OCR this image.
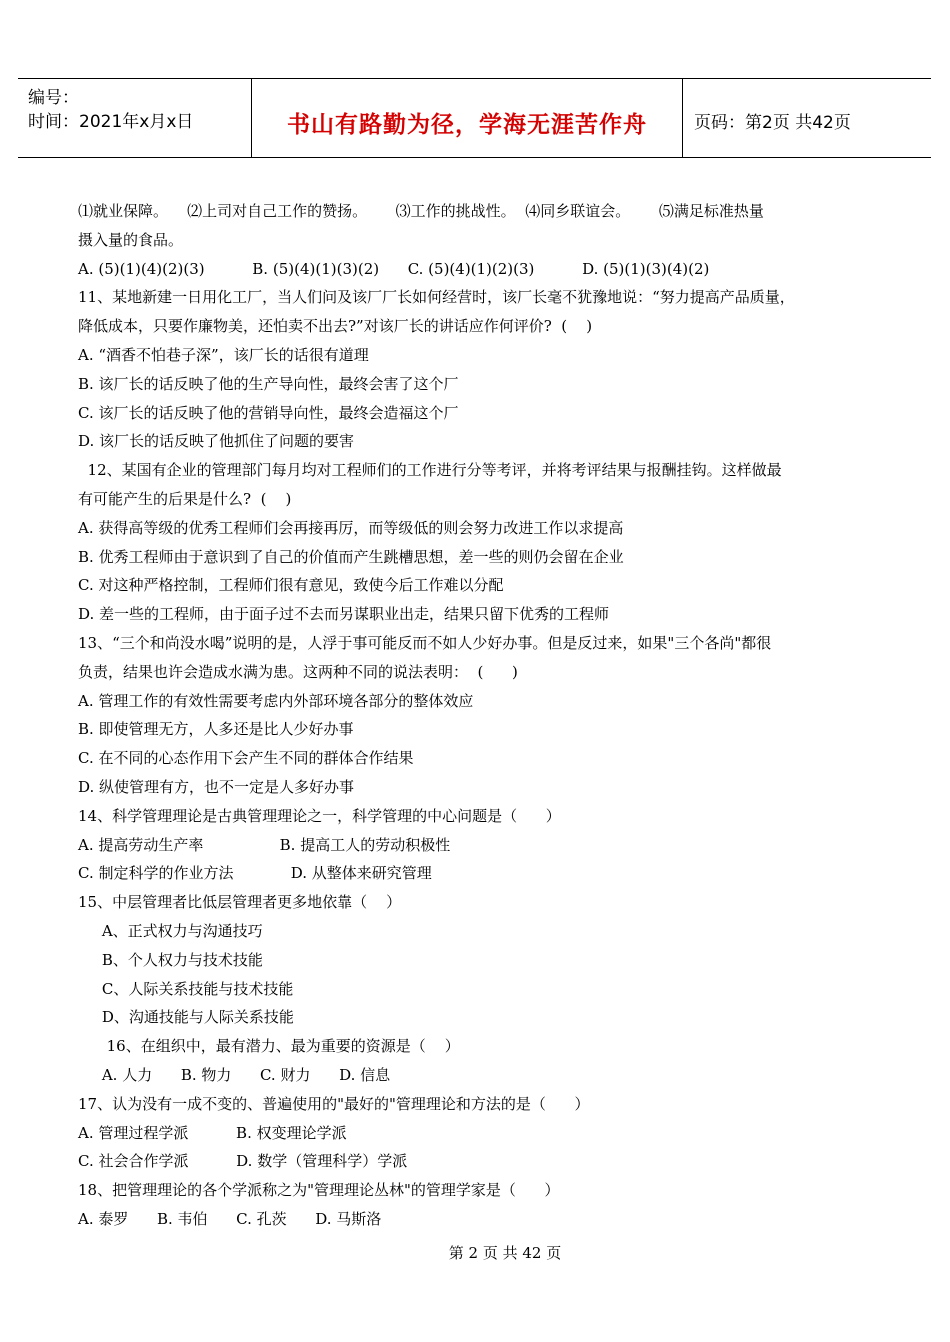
编号：
时间：2021年x月x日	书山有路勤为径，学海无涯苦作舟	页码：第2页 共42页
⑴就业保障。    ⑵上司对自己工作的赞扬。      ⑶工作的挑战性。  ⑷同乡联谊会。      ⑸满足标准热量
摄入量的食品。
A. (5)(1)(4)(2)(3)          B. (5)(4)(1)(3)(2)      C. (5)(4)(1)(2)(3)          D. (5)(1)(3)(4)(2)
11、某地新建一日用化工厂，当人们问及该厂厂长如何经营时，该厂长毫不犹豫地说：“努力提高产品质量，
降低成本，只要作廉物美，还怕卖不出去?”对该厂长的讲话应作何评价?  (    )
A. “酒香不怕巷子深”，该厂长的话很有道理
B. 该厂长的话反映了他的生产导向性，最终会害了这个厂
C. 该厂长的话反映了他的营销导向性，最终会造福这个厂
D. 该厂长的话反映了他抓住了问题的要害
12、某国有企业的管理部门每月均对工程师们的工作进行分等考评，并将考评结果与报酬挂钩。这样做最
有可能产生的后果是什么?  (    )
A. 获得高等级的优秀工程师们会再接再厉，而等级低的则会努力改进工作以求提高
B. 优秀工程师由于意识到了自己的价值而产生跳槽思想，差一些的则仍会留在企业
C. 对这种严格控制，工程师们很有意见，致使今后工作难以分配
D. 差一些的工程师，由于面子过不去而另谋职业出走，结果只留下优秀的工程师
13、“三个和尚没水喝”说明的是，人浮于事可能反而不如人少好办事。但是反过来，如果"三个各尚"都很
负责，结果也许会造成水满为患。这两种不同的说法表明：  (      )
A. 管理工作的有效性需要考虑内外部环境各部分的整体效应
B. 即使管理无方，人多还是比人少好办事
C. 在不同的心态作用下会产生不同的群体合作结果
D. 纵使管理有方，也不一定是人多好办事
14、科学管理理论是古典管理理论之一，科学管理的中心问题是（      ）
A. 提高劳动生产率                B. 提高工人的劳动积极性
C. 制定科学的作业方法            D. 从整体来研究管理
15、中层管理者比低层管理者更多地依靠（    ）
A、正式权力与沟通技巧
B、个人权力与技术技能
C、人际关系技能与技术技能
D、沟通技能与人际关系技能
16、在组织中，最有潜力、最为重要的资源是（    ）
A. 人力      B. 物力      C. 财力      D. 信息
17、认为没有一成不变的、普遍使用的"最好的"管理理论和方法的是（      ）
A. 管理过程学派          B. 权变理论学派
C. 社会合作学派          D. 数学（管理科学）学派
18、把管理理论的各个学派称之为"管理理论丛林"的管理学家是（      ）
A. 泰罗      B. 韦伯      C. 孔茨      D. 马斯洛
第 2 页 共 42 页
